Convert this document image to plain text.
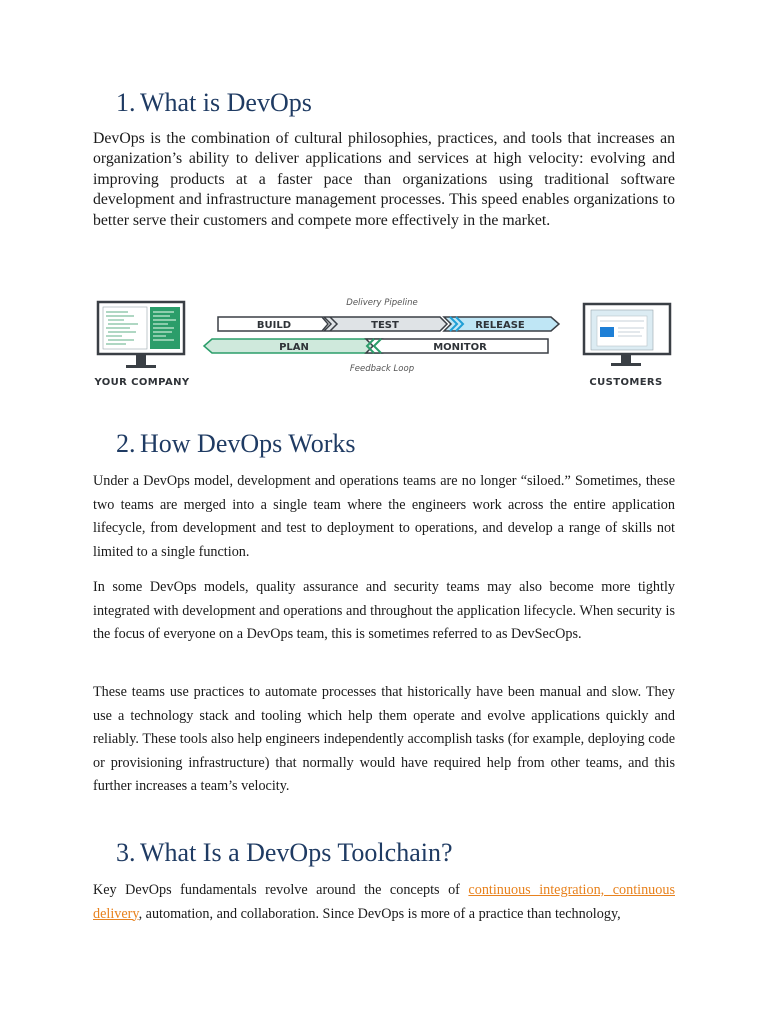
1. What is DevOps

DevOps is the combination of cultural philosophies, practices, and tools that increases an organization’s ability to deliver applications and services at high velocity: evolving and improving products at a faster pace than organizations using traditional software development and infrastructure management processes. This speed enables organizations to better serve their customers and compete more effectively in the market.

YOUR COMPANY
Delivery Pipeline
BUILD	TEST	RELEASE
PLAN	MONITOR
Feedback Loop
CUSTOMERS
2. How DevOps Works

Under a DevOps model, development and operations teams are no longer “siloed.” Sometimes, these two teams are merged into a single team where the engineers work across the entire application lifecycle, from development and test to deployment to operations, and develop a range of skills not limited to a single function.

In some DevOps models, quality assurance and security teams may also become more tightly integrated with development and operations and throughout the application lifecycle. When security is the focus of everyone on a DevOps team, this is sometimes referred to as DevSecOps.

These teams use practices to automate processes that historically have been manual and slow. They use a technology stack and tooling which help them operate and evolve applications quickly and reliably. These tools also help engineers independently accomplish tasks (for example, deploying code or provisioning infrastructure) that normally would have required help from other teams, and this further increases a team’s velocity.

3. What Is a DevOps Toolchain?

Key DevOps fundamentals revolve around the concepts of continuous integration, continuous delivery, automation, and collaboration. Since DevOps is more of a practice than technology,
